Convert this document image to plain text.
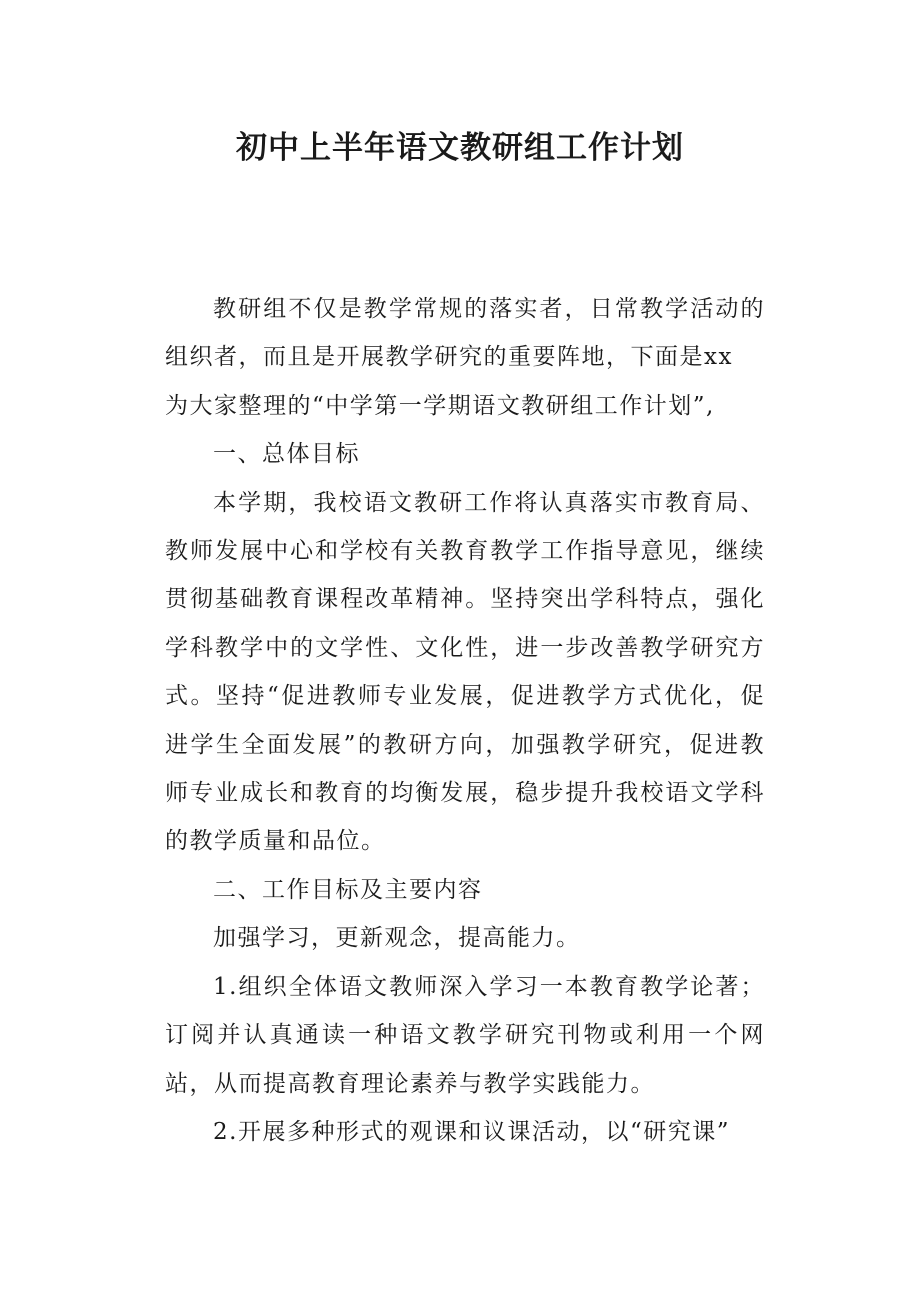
初中上半年语文教研组工作计划

教研组不仅是教学常规的落实者，日常教学活动的组织者，而且是开展教学研究的重要阵地，下面是xx

为大家整理的“中学第一学期语文教研组工作计划”,

一、总体目标

本学期，我校语文教研工作将认真落实市教育局、教师发展中心和学校有关教育教学工作指导意见，继续贯彻基础教育课程改革精神。坚持突出学科特点，强化学科教学中的文学性、文化性，进一步改善教学研究方式。坚持“促进教师专业发展，促进教学方式优化，促进学生全面发展”的教研方向，加强教学研究，促进教师专业成长和教育的均衡发展，稳步提升我校语文学科的教学质量和品位。

二、工作目标及主要内容

加强学习，更新观念，提高能力。

1.组织全体语文教师深入学习一本教育教学论著；订阅并认真通读一种语文教学研究刊物或利用一个网站，从而提高教育理论素养与教学实践能力。

2.开展多种形式的观课和议课活动，以“研究课”
